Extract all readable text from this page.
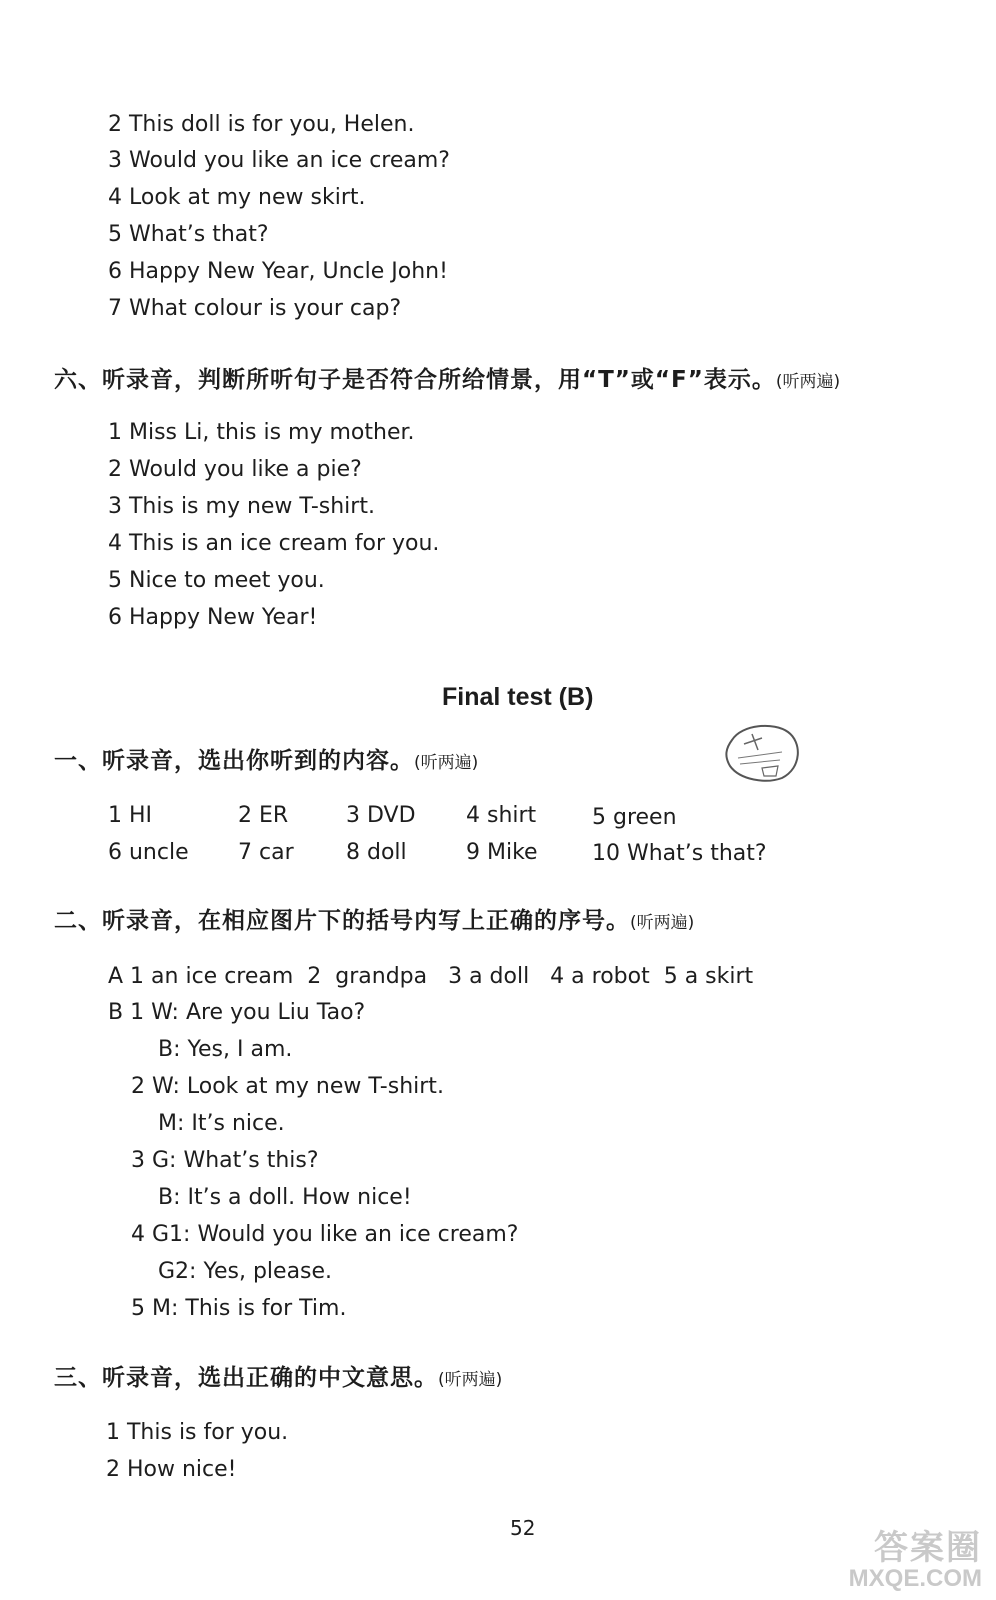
2 This doll is for you, Helen.
3 Would you like an ice cream?
4 Look at my new skirt.
5 What’s that?
6 Happy New Year, Uncle John!
7 What colour is your cap?
六、听录音，判断所听句子是否符合所给情景，用“T”或“F”表示。(听两遍)
1 Miss Li, this is my mother.
2 Would you like a pie?
3 This is my new T-shirt.
4 This is an ice cream for you.
5 Nice to meet you.
6 Happy New Year!
Final test (B)
一、听录音，选出你听到的内容。(听两遍)
1 HI	2 ER	3 DVD 4 shirt	5 green
6 uncle 7 car 8 doll	9 Mike 10 What’s that?
二、听录音，在相应图片下的括号内写上正确的序号。(听两遍)
A 1 an ice cream  2  grandpa   3 a doll   4 a robot  5 a skirt
B 1 W: Are you Liu Tao?
B: Yes, I am.
2 W: Look at my new T-shirt.
M: It’s nice.
3 G: What’s this?
B: It’s a doll. How nice!
4 G1: Would you like an ice cream?
G2: Yes, please.
5 M: This is for Tim.
三、听录音，选出正确的中文意思。(听两遍)
1 This is for you.
2 How nice!
52
答案圈
MXQE.COM
